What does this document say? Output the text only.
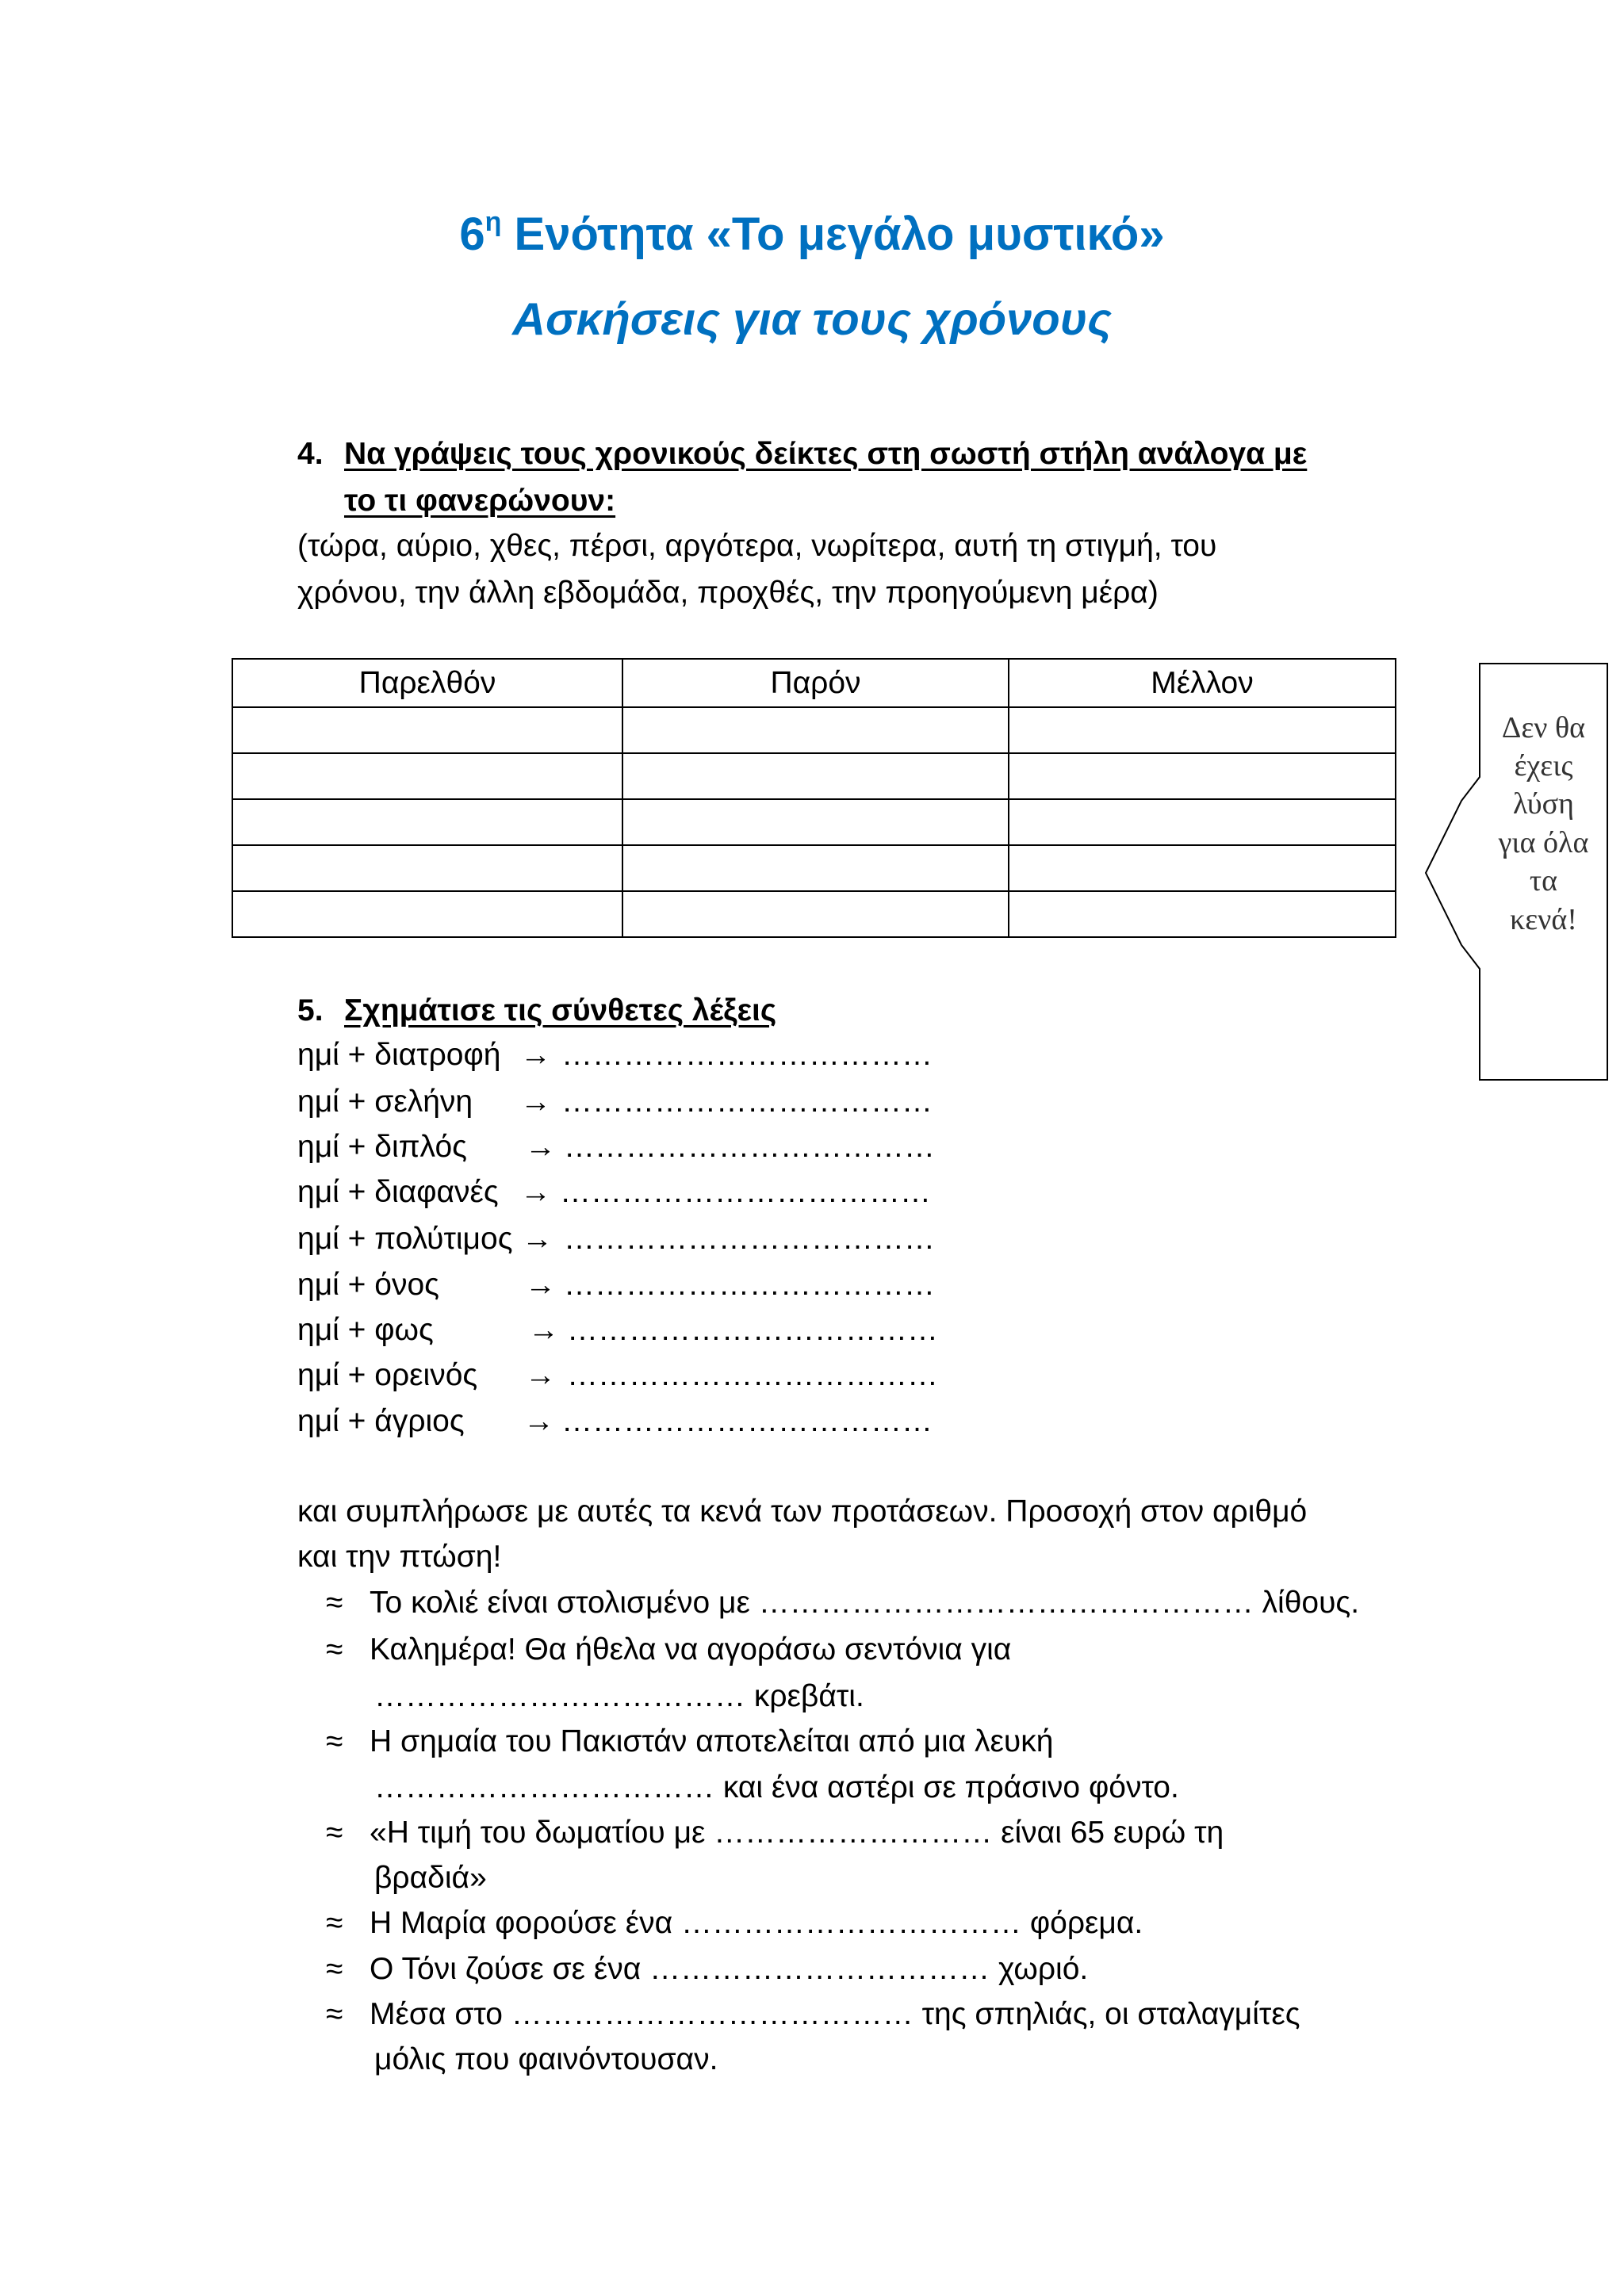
$6^\eta$ Ενότητα «Το μεγάλο μυστικό»
Ασκήσεις για τους χρόνους
4. Να γράψεις τους χρονικούς δείκτες στη σωστή στήλη ανάλογα με
το τι φανερώνουν:
(τώρα, αύριο, χθες, πέρσι, αργότερα, νωρίτερα, αυτή τη στιγμή, του
χρόνου, την άλλη εβδομάδα, προχθές, την προηγούμενη μέρα)
Παρελθόν	Παρόν	Μέλλον

Δεν θα
έχεις
λύση
για όλα
τα
κενά!
5. Σχημάτισε τις σύνθετες λέξεις
ημί + διατροφή → ………………………………
ημί + σελήνη → ………………………………
ημί + διπλός → ………………………………
ημί + διαφανές → ………………………………
ημί + πολύτιμος → ………………………………
ημί + όνος	→ ………………………………
ημί + φως	→ ………………………………
ημί + ορεινός → ………………………………
ημί + άγριος → ………………………………
και συμπλήρωσε με αυτές τα κενά των προτάσεων. Προσοχή στον αριθμό
και την πτώση!
≈ Το κολιέ είναι στολισμένο με ………………………………………… λίθους.
≈ Καλημέρα! Θα ήθελα να αγοράσω σεντόνια για
……………………………… κρεβάτι.
≈ Η σημαία του Πακιστάν αποτελείται από μια λευκή
…………………………… και ένα αστέρι σε πράσινο φόντο.
≈ «Η τιμή του δωματίου με ……………………… είναι 65 ευρώ τη
βραδιά»
≈ Η Μαρία φορούσε ένα …………………………… φόρεμα.
≈ Ο Τόνι ζούσε σε ένα …………………………… χωριό.
≈ Μέσα στο ………………………………… της σπηλιάς, οι σταλαγμίτες
μόλις που φαινόντουσαν.
